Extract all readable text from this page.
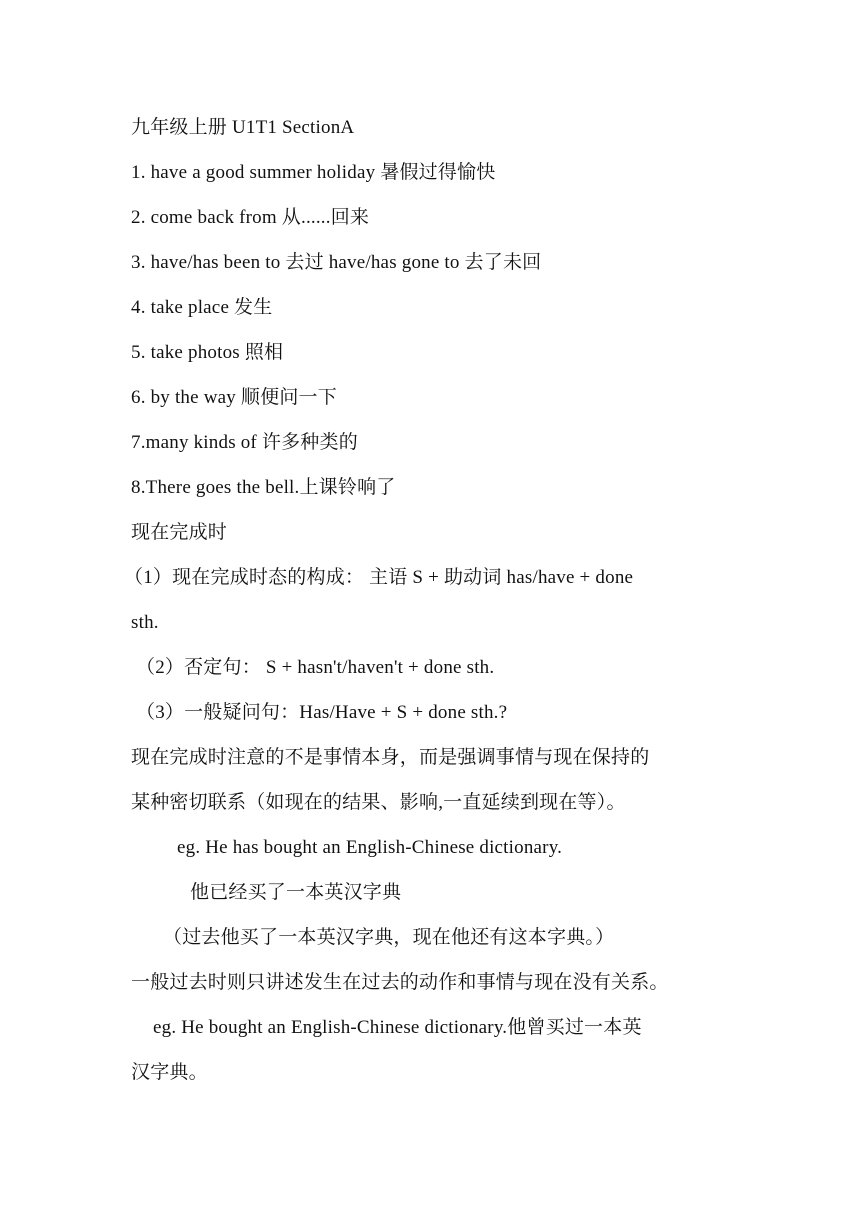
九年级上册 U1T1 SectionA
1. have a good summer holiday 暑假过得愉快
2. come back from 从......回来
3. have/has been to 去过 have/has gone to 去了未回
4. take place 发生
5. take photos 照相
6. by the way 顺便问一下
7.many kinds of 许多种类的
8.There goes the bell.上课铃响了
现在完成时
（1）现在完成时态的构成： 主语 S + 助动词 has/have + done
sth.
（2）否定句： S + hasn't/haven't + done sth.
（3）一般疑问句：Has/Have + S + done sth.?
现在完成时注意的不是事情本身，而是强调事情与现在保持的
某种密切联系（如现在的结果、影响,一直延续到现在等）。
eg. He has bought an English-Chinese dictionary.
他已经买了一本英汉字典
（过去他买了一本英汉字典，现在他还有这本字典。）
一般过去时则只讲述发生在过去的动作和事情与现在没有关系。
eg. He bought an English-Chinese dictionary.他曾买过一本英
汉字典。
